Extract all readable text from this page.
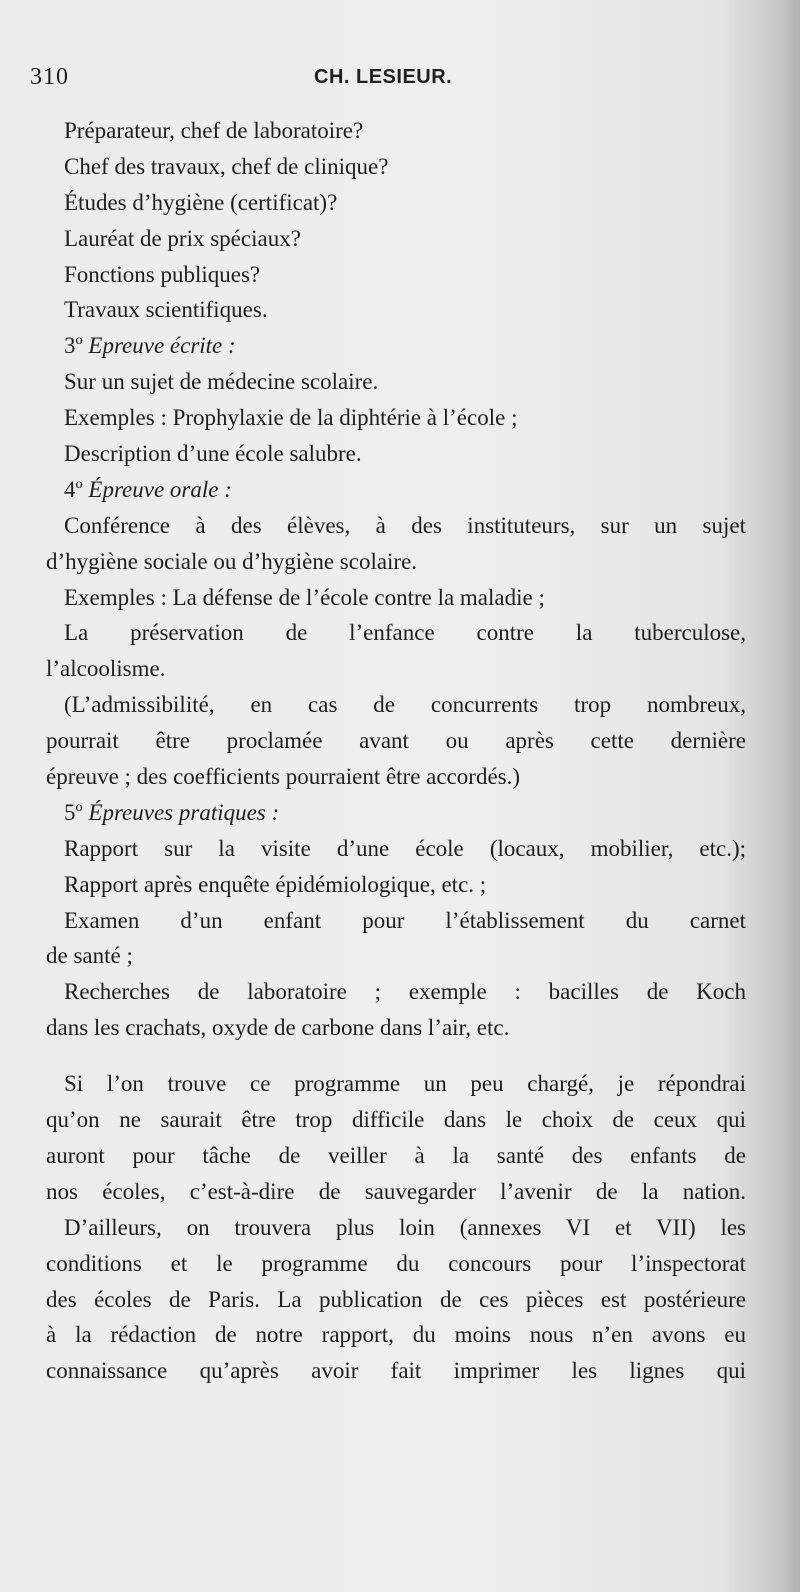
310	CH. LESIEUR.
Préparateur, chef de laboratoire?
Chef des travaux, chef de clinique?
Études d’hygiène (certificat)?
Lauréat de prix spéciaux?
Fonctions publiques?
Travaux scientifiques.
3º Epreuve écrite :
Sur un sujet de médecine scolaire.
Exemples : Prophylaxie de la diphtérie à l’école ;
Description d’une école salubre.
4º Épreuve orale :
Conférence à des élèves, à des instituteurs, sur un sujet
d’hygiène sociale ou d’hygiène scolaire.
Exemples : La défense de l’école contre la maladie ;
La préservation de l’enfance contre la tuberculose,
l’alcoolisme.
(L’admissibilité, en cas de concurrents trop nombreux,
pourrait être proclamée avant ou après cette dernière
épreuve ; des coefficients pourraient être accordés.)
5º Épreuves pratiques :
Rapport sur la visite d’une école (locaux, mobilier, etc.);
Rapport après enquête épidémiologique, etc. ;
Examen d’un enfant pour l’établissement du carnet
de santé ;
Recherches de laboratoire ; exemple : bacilles de Koch
dans les crachats, oxyde de carbone dans l’air, etc.
Si l’on trouve ce programme un peu chargé, je répondrai
qu’on ne saurait être trop difficile dans le choix de ceux qui
auront pour tâche de veiller à la santé des enfants de
nos écoles, c’est-à-dire de sauvegarder l’avenir de la nation.
D’ailleurs, on trouvera plus loin (annexes VI et VII) les
conditions et le programme du concours pour l’inspectorat
des écoles de Paris. La publication de ces pièces est postérieure
à la rédaction de notre rapport, du moins nous n’en avons eu
connaissance qu’après avoir fait imprimer les lignes qui
